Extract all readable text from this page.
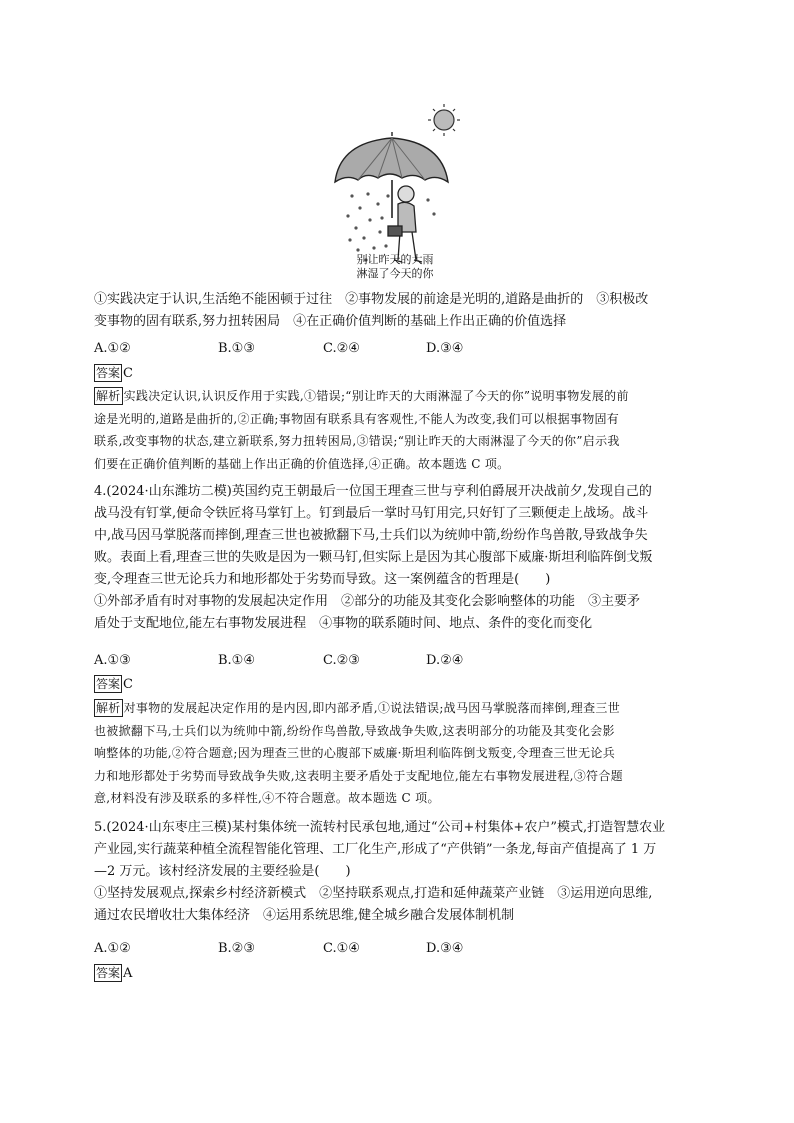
别让昨天的大雨
淋湿了今天的你
①实践决定于认识,生活绝不能困顿于过往　②事物发展的前途是光明的,道路是曲折的　③积极改
变事物的固有联系,努力扭转困局　④在正确价值判断的基础上作出正确的价值选择
A.①②	B.①③	C.②④	D.③④
答案 C
解析 实践决定认识,认识反作用于实践,①错误;“别让昨天的大雨淋湿了今天的你”说明事物发展的前
途是光明的,道路是曲折的,②正确;事物固有联系具有客观性,不能人为改变,我们可以根据事物固有
联系,改变事物的状态,建立新联系,努力扭转困局,③错误;“别让昨天的大雨淋湿了今天的你”启示我
们要在正确价值判断的基础上作出正确的价值选择,④正确。故本题选 C 项。
4.(2024·山东潍坊二模)英国约克王朝最后一位国王理查三世与亨利伯爵展开决战前夕,发现自己的
战马没有钉掌,便命令铁匠将马掌钉上。钉到最后一掌时马钉用完,只好钉了三颗便走上战场。战斗
中,战马因马掌脱落而摔倒,理查三世也被掀翻下马,士兵们以为统帅中箭,纷纷作鸟兽散,导致战争失
败。表面上看,理查三世的失败是因为一颗马钉,但实际上是因为其心腹部下威廉·斯坦利临阵倒戈叛
变,令理查三世无论兵力和地形都处于劣势而导致。这一案例蕴含的哲理是(　　)
①外部矛盾有时对事物的发展起决定作用　②部分的功能及其变化会影响整体的功能　③主要矛
盾处于支配地位,能左右事物发展进程　④事物的联系随时间、地点、条件的变化而变化
A.①③	B.①④	C.②③	D.②④
答案 C
解析 对事物的发展起决定作用的是内因,即内部矛盾,①说法错误;战马因马掌脱落而摔倒,理查三世
也被掀翻下马,士兵们以为统帅中箭,纷纷作鸟兽散,导致战争失败,这表明部分的功能及其变化会影
响整体的功能,②符合题意;因为理查三世的心腹部下威廉·斯坦利临阵倒戈叛变,令理查三世无论兵
力和地形都处于劣势而导致战争失败,这表明主要矛盾处于支配地位,能左右事物发展进程,③符合题
意,材料没有涉及联系的多样性,④不符合题意。故本题选 C 项。
5.(2024·山东枣庄三模)某村集体统一流转村民承包地,通过“公司+村集体+农户”模式,打造智慧农业
产业园,实行蔬菜种植全流程智能化管理、工厂化生产,形成了“产供销”一条龙,每亩产值提高了 1 万
—2 万元。该村经济发展的主要经验是(　　)
①坚持发展观点,探索乡村经济新模式　②坚持联系观点,打造和延伸蔬菜产业链　③运用逆向思维,
通过农民增收壮大集体经济　④运用系统思维,健全城乡融合发展体制机制
A.①②	B.②③	C.①④	D.③④
答案 A
